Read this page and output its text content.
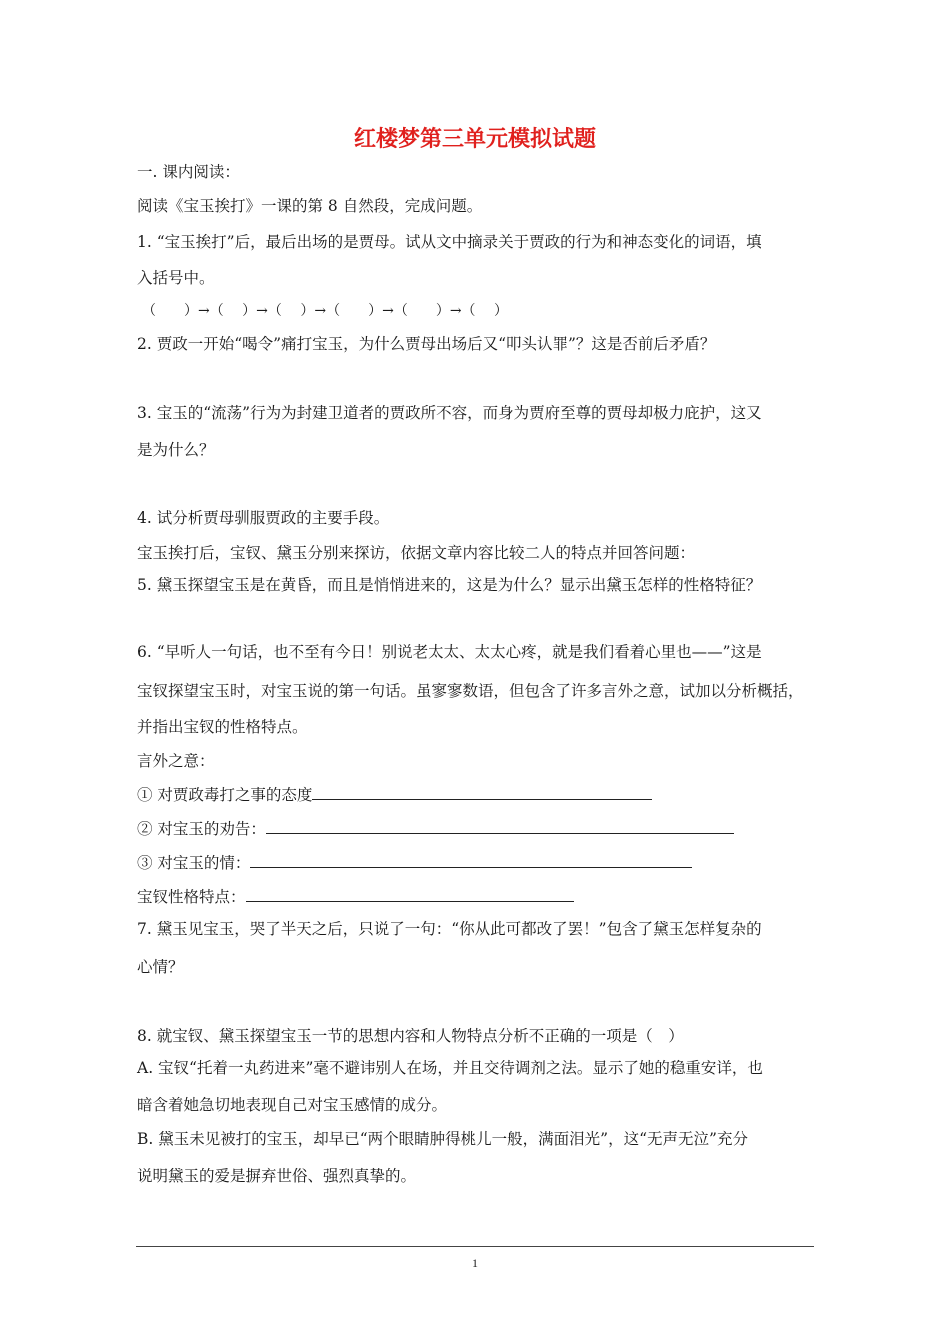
红楼梦第三单元模拟试题
一. 课内阅读：
阅读《宝玉挨打》一课的第 8 自然段，完成问题。
1. “宝玉挨打”后，最后出场的是贾母。试从文中摘录关于贾政的行为和神态变化的词语，填
入括号中。
（　　）→（　 ）→（　 ）→（　　）→（　　）→（　 ）
2. 贾政一开始“喝令”痛打宝玉，为什么贾母出场后又“叩头认罪”？这是否前后矛盾？
3. 宝玉的“流荡”行为为封建卫道者的贾政所不容，而身为贾府至尊的贾母却极力庇护，这又
是为什么？
4. 试分析贾母驯服贾政的主要手段。
宝玉挨打后，宝钗、黛玉分别来探访，依据文章内容比较二人的特点并回答问题：
5. 黛玉探望宝玉是在黄昏，而且是悄悄进来的，这是为什么？显示出黛玉怎样的性格特征？
6. “早听人一句话，也不至有今日！别说老太太、太太心疼，就是我们看着心里也——”这是
宝钗探望宝玉时，对宝玉说的第一句话。虽寥寥数语，但包含了许多言外之意，试加以分析概括，
并指出宝钗的性格特点。
言外之意：
① 对贾政毒打之事的态度
② 对宝玉的劝告：
③ 对宝玉的情：
宝钗性格特点：
7. 黛玉见宝玉，哭了半天之后，只说了一句：“你从此可都改了罢！”包含了黛玉怎样复杂的
心情？
8. 就宝钗、黛玉探望宝玉一节的思想内容和人物特点分析不正确的一项是（　）
A. 宝钗“托着一丸药进来”毫不避讳别人在场，并且交待调剂之法。显示了她的稳重安详，也
暗含着她急切地表现自己对宝玉感情的成分。
B. 黛玉未见被打的宝玉，却早已“两个眼睛肿得桃儿一般，满面泪光”，这“无声无泣”充分
说明黛玉的爱是摒弃世俗、强烈真挚的。
1
